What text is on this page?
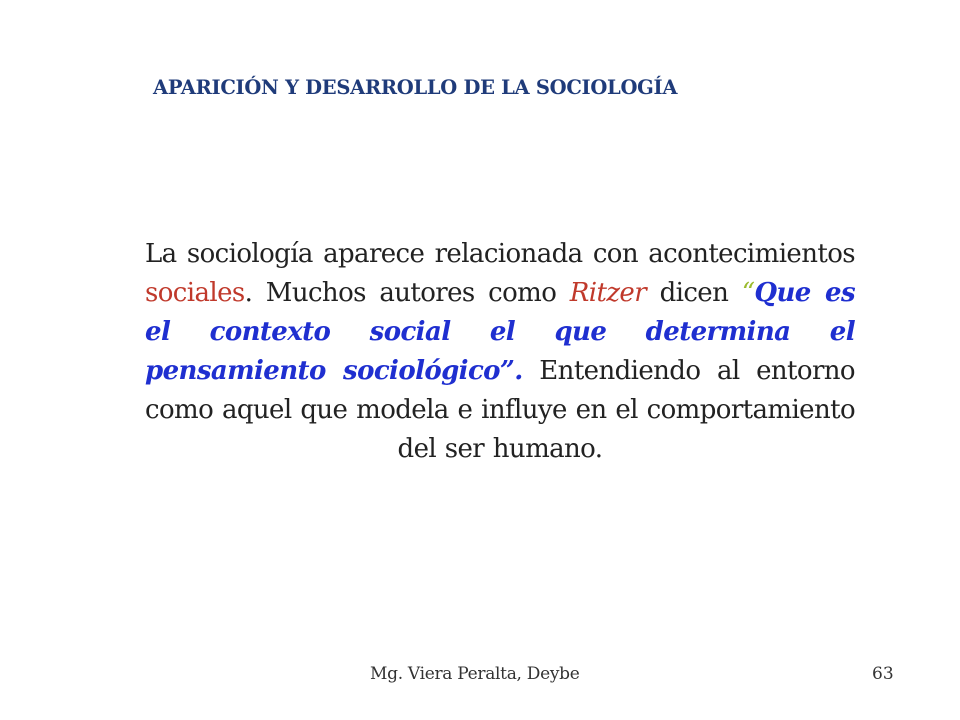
APARICIÓN Y DESARROLLO DE LA SOCIOLOGÍA
La sociología aparece relacionada con acontecimientos sociales. Muchos autores como Ritzer dicen “Que es el contexto social el que determina el pensamiento sociológico”. Entendiendo al entorno como aquel que modela e influye en el comportamiento del ser humano.
Mg. Viera Peralta, Deybe	63
